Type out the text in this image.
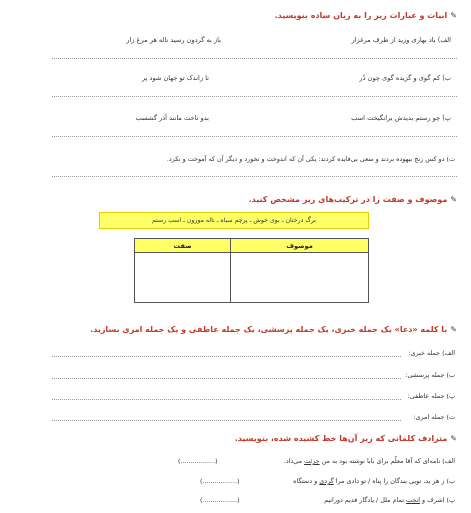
✎
ابیات و عبارات زیر را به زبان ساده بنویسید.
الف) باد بهاری وزید از طرف مرغزار
باز به گردون رسید ناله هر مرغ زار
ب) کم گوی و گزیده گوی چون دُر
تا زاندک تو جهان شود پر
پ) چو رستم بدیدش برانگیخت اسب
بدو تاخت مانند آذر گشسب
ت) دو کس رنج بیهوده بردند و سعی بی‌فایده کردند: یکی آن که اندوخت و نخورد و دیگر آن که آموخت و نکرد.
✎
موصوف و صفت را در ترکیب‌های زیر مشخص کنید.
برگ درختان ـ بوی خوش ـ پرچم سیاه ـ ناله موزون ـ اسب رستم
موصوف	صفت

✎
با کلمه «دعا» یک جمله خبری، یک جمله پرسشی، یک جمله عاطفی و یک جمله امری بسازید.
الف) جمله خبری:
ب) جمله پرسشی:
پ) جمله عاطفی:
ت) جمله امری:
✎
مترادف کلماتی که زیر آن‌ها خط کشیده شده، بنویسید.
الف) نامه‌ای که آقا معلّم برای بابا نوشته بود به من جرئت می‌داد.
(.................)
ب) ز هر بد، تویی بندگان را پناه / تو دادی مرا گردی و دستگاه
(.................)
پ) اشرف و انجب تمام ملل / یادگار قدیم دورانیم
(.................)
